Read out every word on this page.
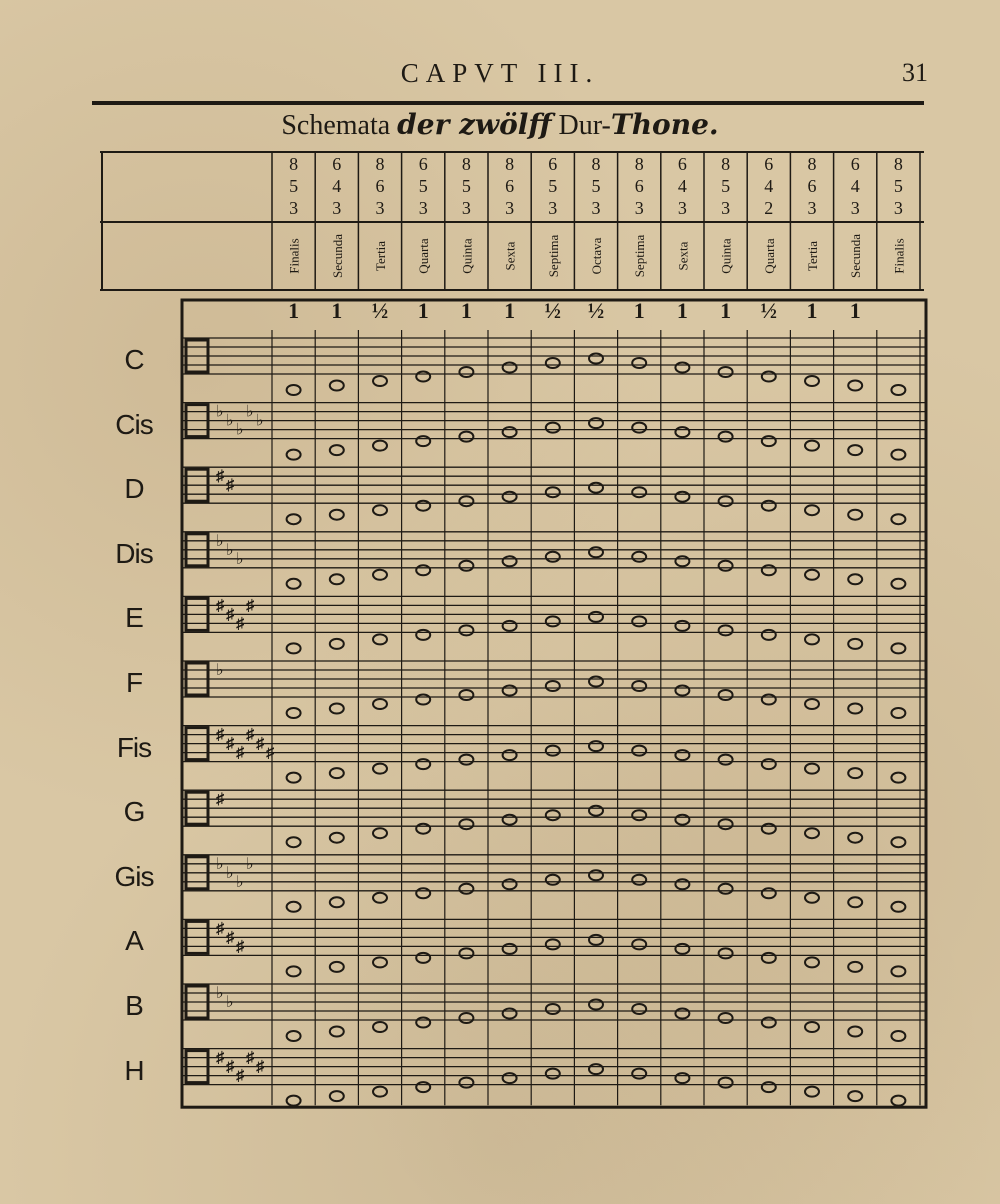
CAPVT III.	31
Schemata der zwölff Dur-Thone.
C
Cis
D
Dis
E
F
Fis
G
Gis
A
B
H
8
5
3
Finalis
1
6
4
3
Secunda
1
8
6
3
Tertia
½
6
5
3
Quarta
1
8
5
3
Quinta
1
8
6
3
Sexta
1
6
5
3
Septima
½
8
5
3
Octava
½
8
6
3
Septima
1
6
4
3
Sexta
1
8
5
3
Quinta
1
6
4
2
Quarta
½
8
6
3
Tertia
1
6
4
3
Secunda
1
8
5
3
Finalis
♭
♭
♭
♭
♭
♯
♯
♭
♭
♭
♯
♯
♯
♯
♭
♯
♯
♯
♯
♯
♯
♯
♭
♭
♭
♭
♯
♯
♯
♭
♭
♯
♯
♯
♯
♯
